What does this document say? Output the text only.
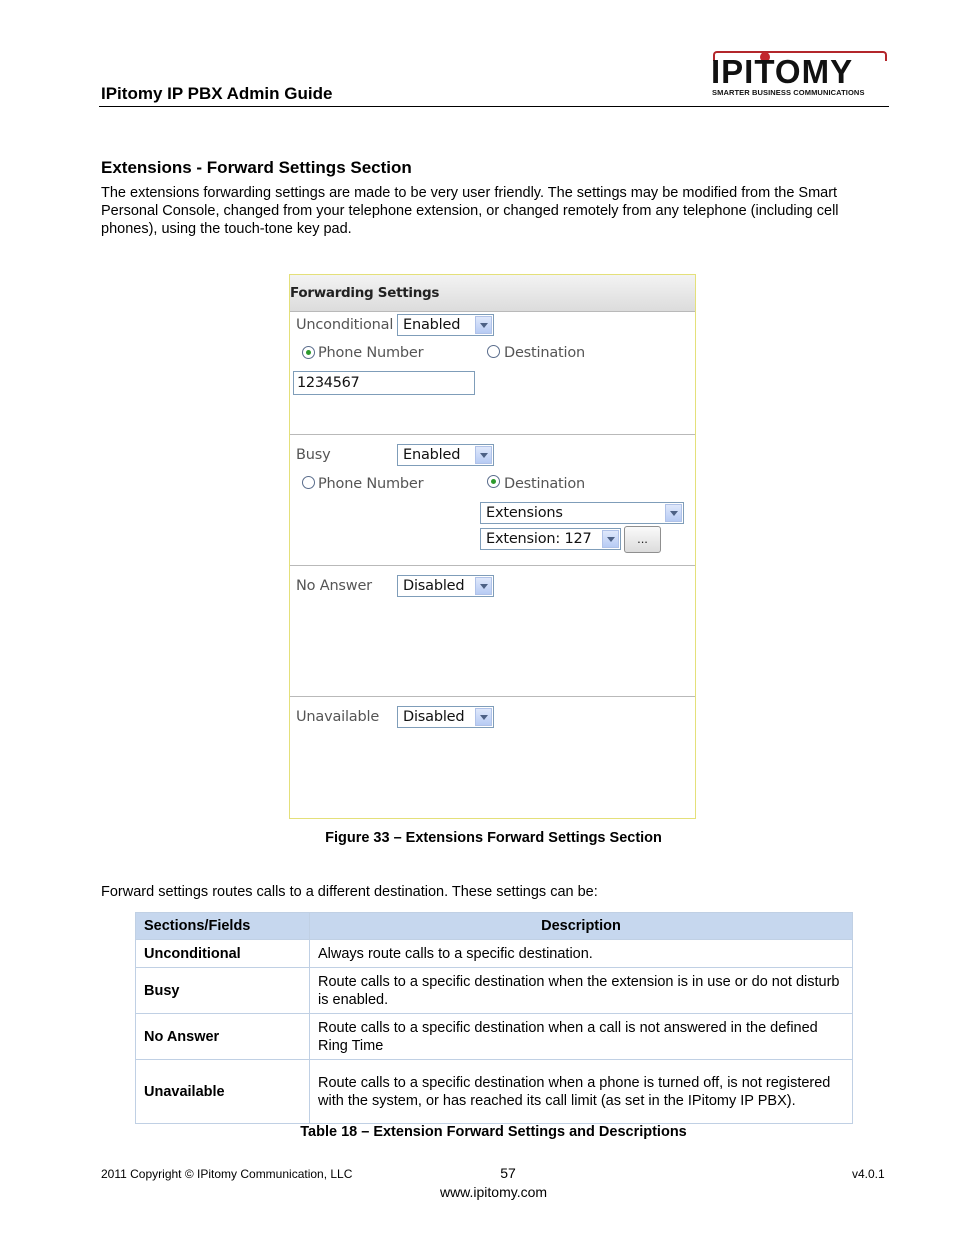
IPitomy IP PBX Admin Guide
IPITOMY
SMARTER BUSINESS COMMUNICATIONS
Extensions - Forward Settings Section
The extensions forwarding settings are made to be very user friendly. The settings may be modified from the Smart Personal Console, changed from your telephone extension, or changed remotely from any telephone (including cell phones), using the touch-tone key pad.
Forwarding Settings
Unconditional Enabled
Phone Number	Destination
1234567
Busy	Enabled
Phone Number	Destination
Extensions
Extension: 127	...
No Answer Disabled
Unavailable Disabled
Figure 33 – Extensions Forward Settings Section
Forward settings routes calls to a different destination. These settings can be:
Sections/Fields	Description
Unconditional	Always route calls to a specific destination.
Busy	Route calls to a specific destination when the extension is in use or do not disturb is enabled.
No Answer	Route calls to a specific destination when a call is not answered in the defined Ring Time
Unavailable	Route calls to a specific destination when a phone is turned off, is not registered with the system, or has reached its call limit (as set in the IPitomy IP PBX).
Table 18 – Extension Forward Settings and Descriptions
2011 Copyright © IPitomy Communication, LLC	57
www.ipitomy.com
v4.0.1
